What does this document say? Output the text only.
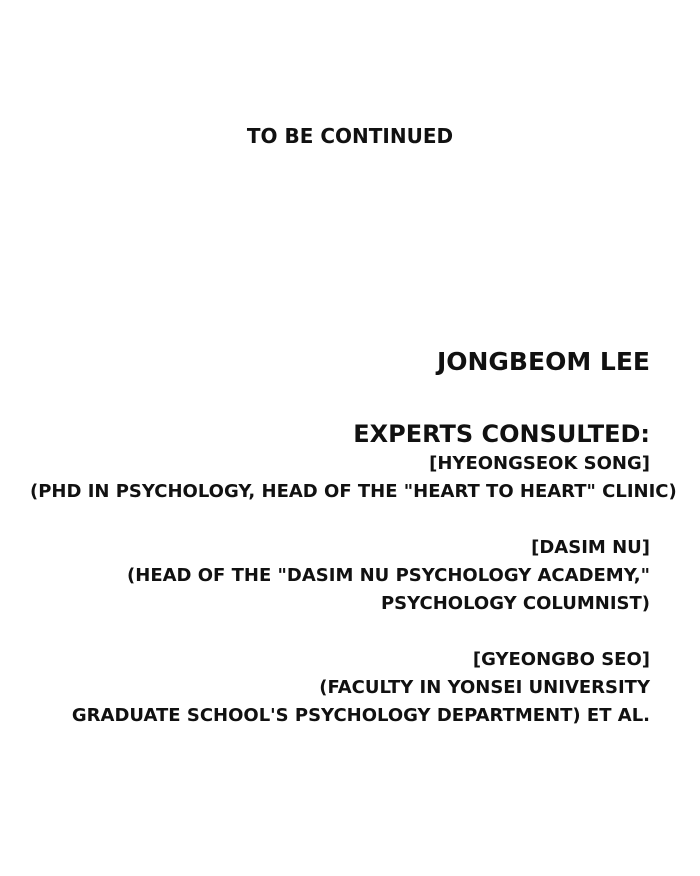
TO BE CONTINUED
JONGBEOM LEE
EXPERTS CONSULTED:
[HYEONGSEOK SONG]
(PHD IN PSYCHOLOGY, HEAD OF THE "HEART TO HEART" CLINIC)
[DASIM NU]
(HEAD OF THE "DASIM NU PSYCHOLOGY ACADEMY,"
PSYCHOLOGY COLUMNIST)
[GYEONGBO SEO]
(FACULTY IN YONSEI UNIVERSITY
GRADUATE SCHOOL'S PSYCHOLOGY DEPARTMENT) ET AL.
